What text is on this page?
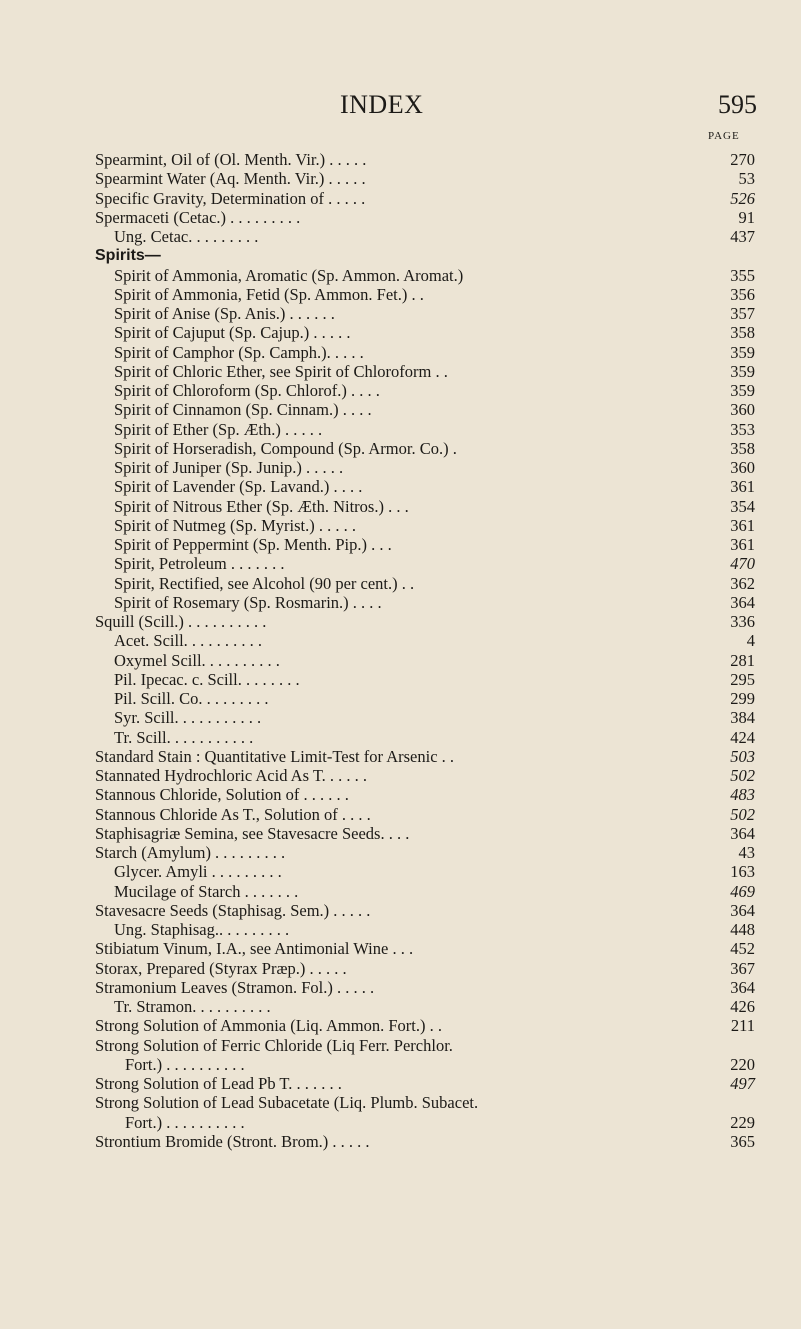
INDEX	595
PAGE
Spearmint, Oil of (Ol. Menth. Vir.) . . . . .	270
Spearmint Water (Aq. Menth. Vir.) . . . . .	53
Specific Gravity, Determination of . . . . .	526
Spermaceti (Cetac.) . . . . . . . . .	91
Ung. Cetac. . . . . . . . .	437
Spirits—
Spirit of Ammonia, Aromatic (Sp. Ammon. Aromat.)	355
Spirit of Ammonia, Fetid (Sp. Ammon. Fet.) . .	356
Spirit of Anise (Sp. Anis.) . . . . . .	357
Spirit of Cajuput (Sp. Cajup.) . . . . .	358
Spirit of Camphor (Sp. Camph.). . . . .	359
Spirit of Chloric Ether, see Spirit of Chloroform . .	359
Spirit of Chloroform (Sp. Chlorof.) . . . .	359
Spirit of Cinnamon (Sp. Cinnam.) . . . .	360
Spirit of Ether (Sp. Æth.) . . . . .	353
Spirit of Horseradish, Compound (Sp. Armor. Co.) .	358
Spirit of Juniper (Sp. Junip.) . . . . .	360
Spirit of Lavender (Sp. Lavand.) . . . .	361
Spirit of Nitrous Ether (Sp. Æth. Nitros.) . . .	354
Spirit of Nutmeg (Sp. Myrist.) . . . . .	361
Spirit of Peppermint (Sp. Menth. Pip.) . . .	361
Spirit, Petroleum . . . . . . .	470
Spirit, Rectified, see Alcohol (90 per cent.) . .	362
Spirit of Rosemary (Sp. Rosmarin.) . . . .	364
Squill (Scill.) . . . . . . . . . .	336
Acet. Scill. . . . . . . . . .	4
Oxymel Scill. . . . . . . . . .	281
Pil. Ipecac. c. Scill. . . . . . . .	295
Pil. Scill. Co. . . . . . . . .	299
Syr. Scill. . . . . . . . . . .	384
Tr. Scill. . . . . . . . . . .	424
Standard Stain : Quantitative Limit-Test for Arsenic . .	503
Stannated Hydrochloric Acid As T. . . . . .	502
Stannous Chloride, Solution of . . . . . .	483
Stannous Chloride As T., Solution of . . . .	502
Staphisagriæ Semina, see Stavesacre Seeds. . . .	364
Starch (Amylum) . . . . . . . . .	43
Glycer. Amyli . . . . . . . . .	163
Mucilage of Starch . . . . . . .	469
Stavesacre Seeds (Staphisag. Sem.) . . . . .	364
Ung. Staphisag.. . . . . . . . .	448
Stibiatum Vinum, I.A., see Antimonial Wine . . .	452
Storax, Prepared (Styrax Præp.) . . . . .	367
Stramonium Leaves (Stramon. Fol.) . . . . .	364
Tr. Stramon. . . . . . . . . .	426
Strong Solution of Ammonia (Liq. Ammon. Fort.) . .	211
Strong Solution of Ferric Chloride (Liq Ferr. Perchlor.
Fort.) . . . . . . . . . .	220
Strong Solution of Lead Pb T. . . . . . .	497
Strong Solution of Lead Subacetate (Liq. Plumb. Subacet.
Fort.) . . . . . . . . . .	229
Strontium Bromide (Stront. Brom.) . . . . .	365
